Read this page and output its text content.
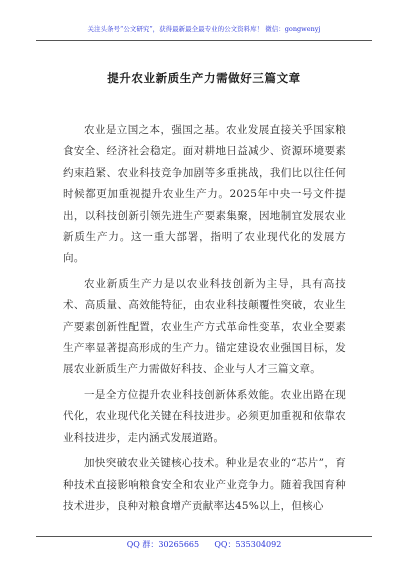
关注头条号“公文研究”，获得最新最全最专业的公文资料库！ 微信：gongwenyj
提升农业新质生产力需做好三篇文章

农业是立国之本，强国之基。农业发展直接关乎国家粮食安全、经济社会稳定。面对耕地日益减少、资源环境要素约束趋紧、农业科技竞争加剧等多重挑战，我们比以往任何时候都更加重视提升农业生产力。2025年中央一号文件提出，以科技创新引领先进生产要素集聚，因地制宜发展农业新质生产力。这一重大部署，指明了农业现代化的发展方向。

农业新质生产力是以农业科技创新为主导，具有高技术、高质量、高效能特征，由农业科技颠覆性突破，农业生产要素创新性配置，农业生产方式革命性变革，农业全要素生产率显著提高形成的生产力。锚定建设农业强国目标，发展农业新质生产力需做好科技、企业与人才三篇文章。

一是全方位提升农业科技创新体系效能。农业出路在现代化，农业现代化关键在科技进步。必须更加重视和依靠农业科技进步，走内涵式发展道路。

加快突破农业关键核心技术。种业是农业的“芯片”，育种技术直接影响粮食安全和农业产业竞争力。随着我国育种技术进步，良种对粮食增产贡献率达45%以上，但核心

QQ 群：30265665      QQ：535304092
